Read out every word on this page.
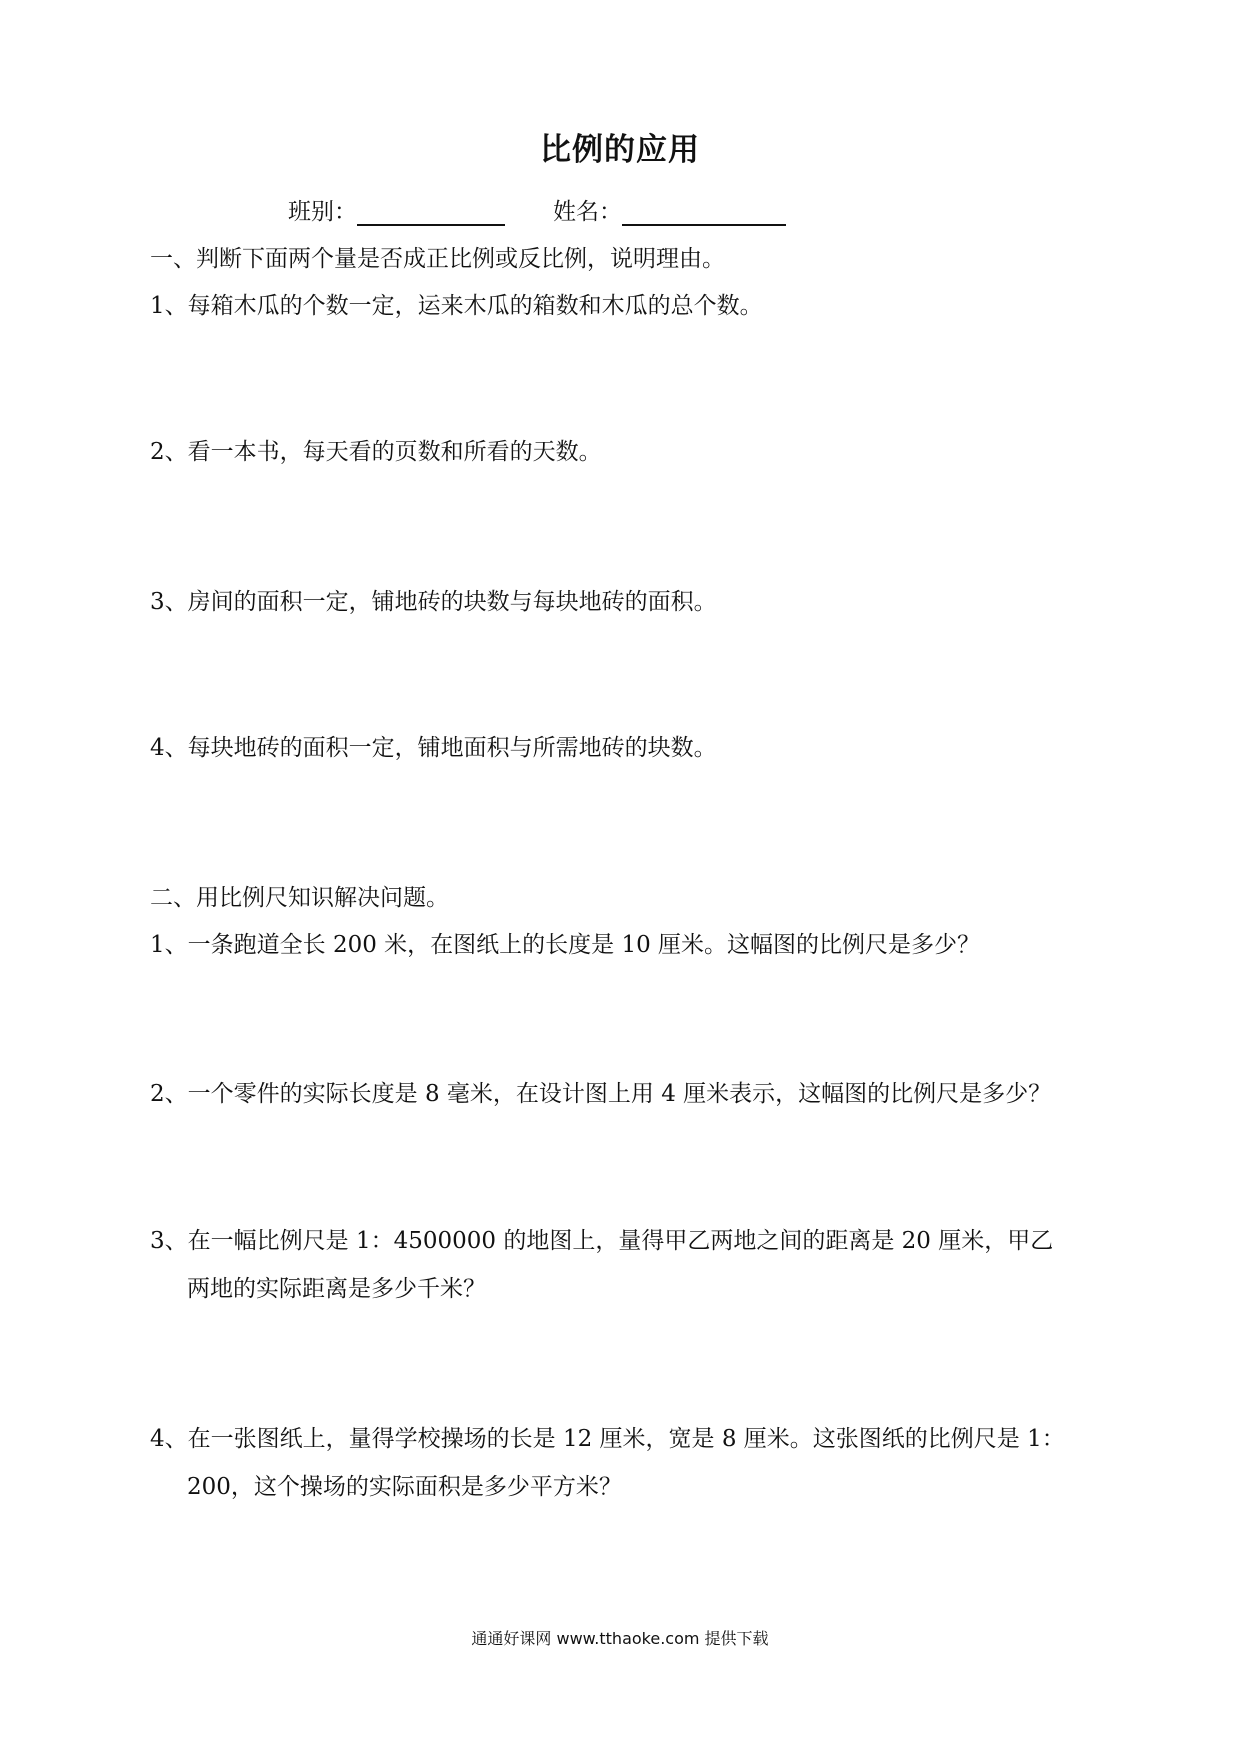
比例的应用
班别：	姓名：
一、判断下面两个量是否成正比例或反比例，说明理由。
1、每箱木瓜的个数一定，运来木瓜的箱数和木瓜的总个数。
2、看一本书，每天看的页数和所看的天数。
3、房间的面积一定，铺地砖的块数与每块地砖的面积。
4、每块地砖的面积一定，铺地面积与所需地砖的块数。
二、用比例尺知识解决问题。
1、一条跑道全长 200 米，在图纸上的长度是 10 厘米。这幅图的比例尺是多少？
2、一个零件的实际长度是 8 毫米，在设计图上用 4 厘米表示，这幅图的比例尺是多少？
3、在一幅比例尺是 1：4500000 的地图上，量得甲乙两地之间的距离是 20 厘米，甲乙
两地的实际距离是多少千米？
4、在一张图纸上，量得学校操场的长是 12 厘米，宽是 8 厘米。这张图纸的比例尺是 1：
200，这个操场的实际面积是多少平方米？
通通好课网 www.tthaoke.com 提供下载
